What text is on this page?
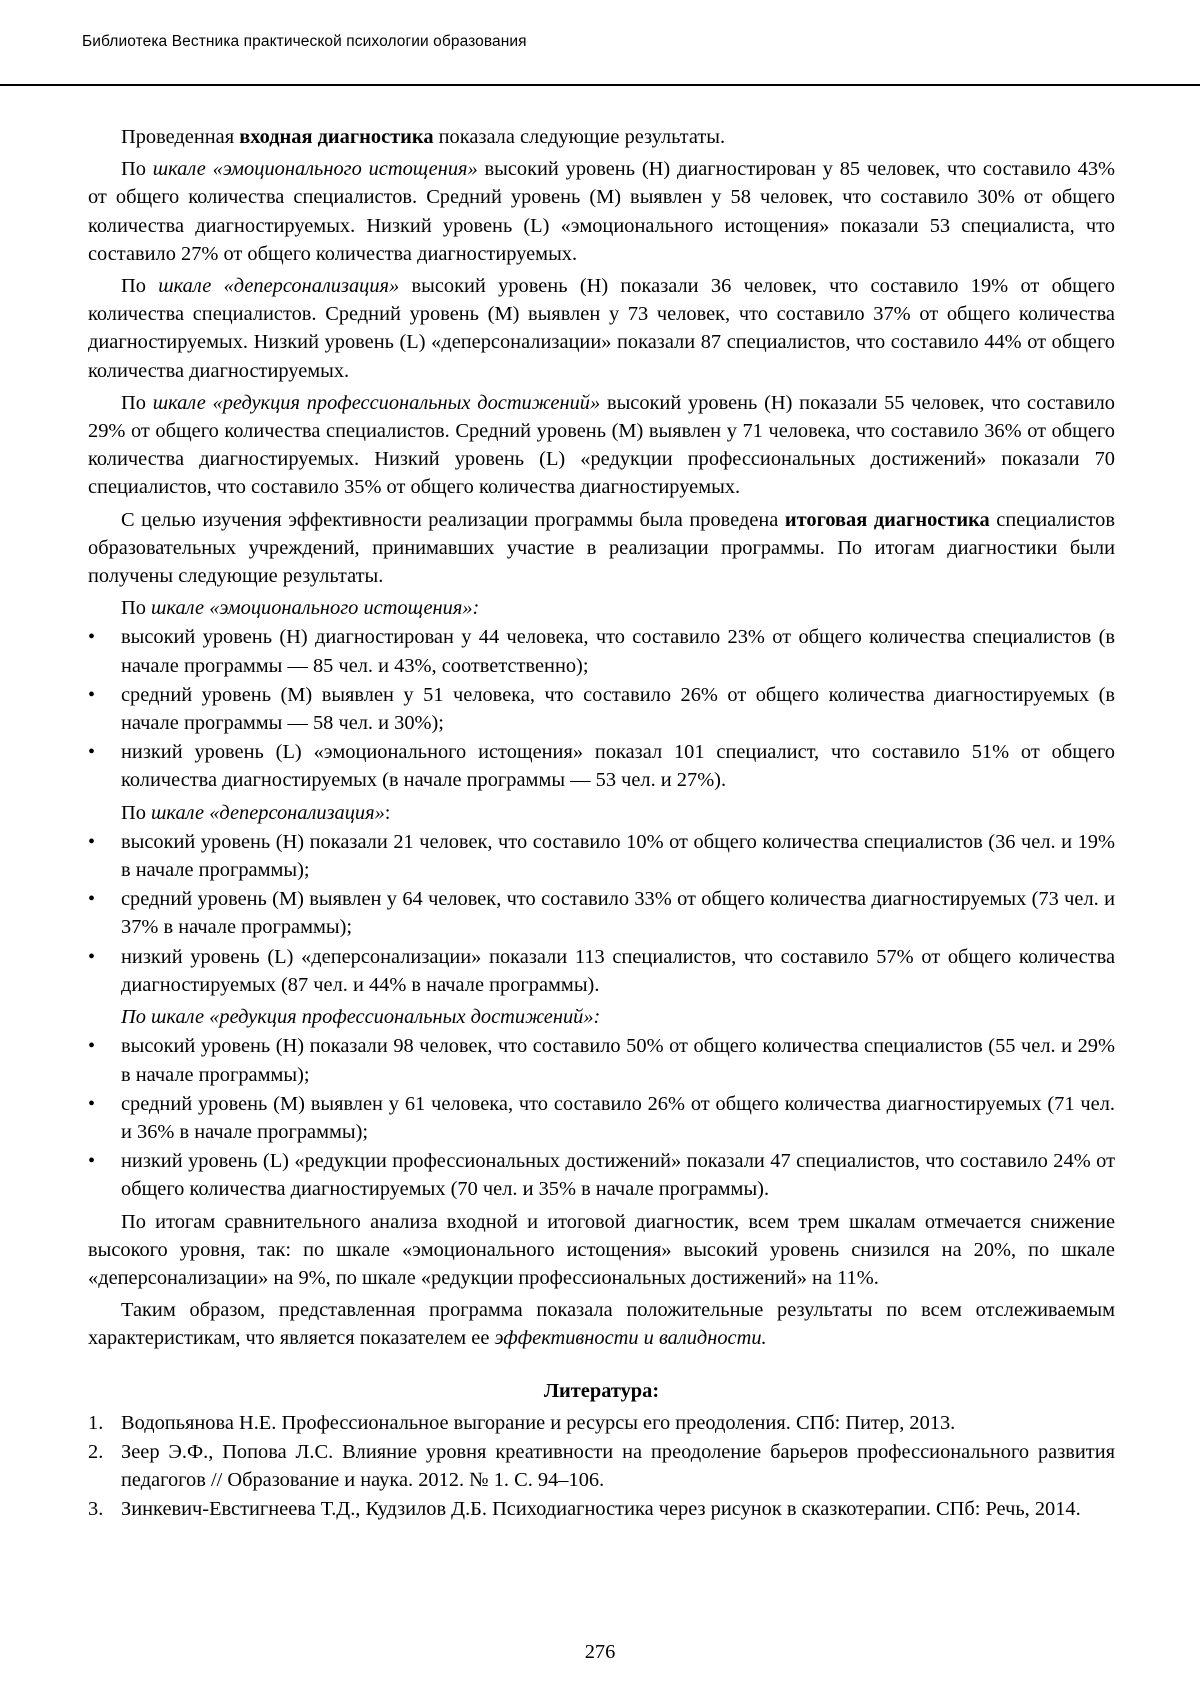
Библиотека Вестника практической психологии образования

Проведенная входная диагностика показала следующие результаты.

По шкале «эмоционального истощения» высокий уровень (H) диагностирован у 85 человек, что составило 43% от общего количества специалистов. Средний уровень (M) выявлен у 58 человек, что составило 30% от общего количества диагностируемых. Низкий уровень (L) «эмоционального истощения» показали 53 специалиста, что составило 27% от общего количества диагностируемых.

По шкале «деперсонализация» высокий уровень (H) показали 36 человек, что составило 19% от общего количества специалистов. Средний уровень (M) выявлен у 73 человек, что составило 37% от общего количества диагностируемых. Низкий уровень (L) «деперсонализации» показали 87 специалистов, что составило 44% от общего количества диагностируемых.

По шкале «редукция профессиональных достижений» высокий уровень (H) показали 55 человек, что составило 29% от общего количества специалистов. Средний уровень (M) выявлен у 71 человека, что составило 36% от общего количества диагностируемых. Низкий уровень (L) «редукции профессиональных достижений» показали 70 специалистов, что составило 35% от общего количества диагностируемых.

С целью изучения эффективности реализации программы была проведена итоговая диагностика специалистов образовательных учреждений, принимавших участие в реализации программы. По итогам диагностики были получены следующие результаты.

По шкале «эмоционального истощения»:

• высокий уровень (H) диагностирован у 44 человека, что составило 23% от общего количества специалистов (в начале программы — 85 чел. и 43%, соответственно);
• средний уровень (M) выявлен у 51 человека, что составило 26% от общего количества диагностируемых (в начале программы — 58 чел. и 30%);
• низкий уровень (L) «эмоционального истощения» показал 101 специалист, что составило 51% от общего количества диагностируемых (в начале программы — 53 чел. и 27%).

По шкале «деперсонализация»:

• высокий уровень (H) показали 21 человек, что составило 10% от общего количества специалистов (36 чел. и 19% в начале программы);
• средний уровень (M) выявлен у 64 человек, что составило 33% от общего количества диагностируемых (73 чел. и 37% в начале программы);
• низкий уровень (L) «деперсонализации» показали 113 специалистов, что составило 57% от общего количества диагностируемых (87 чел. и 44% в начале программы).

По шкале «редукция профессиональных достижений»:

• высокий уровень (H) показали 98 человек, что составило 50% от общего количества специалистов (55 чел. и 29% в начале программы);
• средний уровень (M) выявлен у 61 человека, что составило 26% от общего количества диагностируемых (71 чел. и 36% в начале программы);
• низкий уровень (L) «редукции профессиональных достижений» показали 47 специалистов, что составило 24% от общего количества диагностируемых (70 чел. и 35% в начале программы).

По итогам сравнительного анализа входной и итоговой диагностик, всем трем шкалам отмечается снижение высокого уровня, так: по шкале «эмоционального истощения» высокий уровень снизился на 20%, по шкале «деперсонализации» на 9%, по шкале «редукции профессиональных достижений» на 11%.

Таким образом, представленная программа показала положительные результаты по всем отслеживаемым характеристикам, что является показателем ее эффективности и валидности.

Литература:
1. Водопьянова Н.Е. Профессиональное выгорание и ресурсы его преодоления. СПб: Питер, 2013.
2. Зеер Э.Ф., Попова Л.С. Влияние уровня креативности на преодоление барьеров профессионального развития педагогов // Образование и наука. 2012. № 1. С. 94–106.
3. Зинкевич-Евстигнеева Т.Д., Кудзилов Д.Б. Психодиагностика через рисунок в сказкотерапии. СПб: Речь, 2014.
276
